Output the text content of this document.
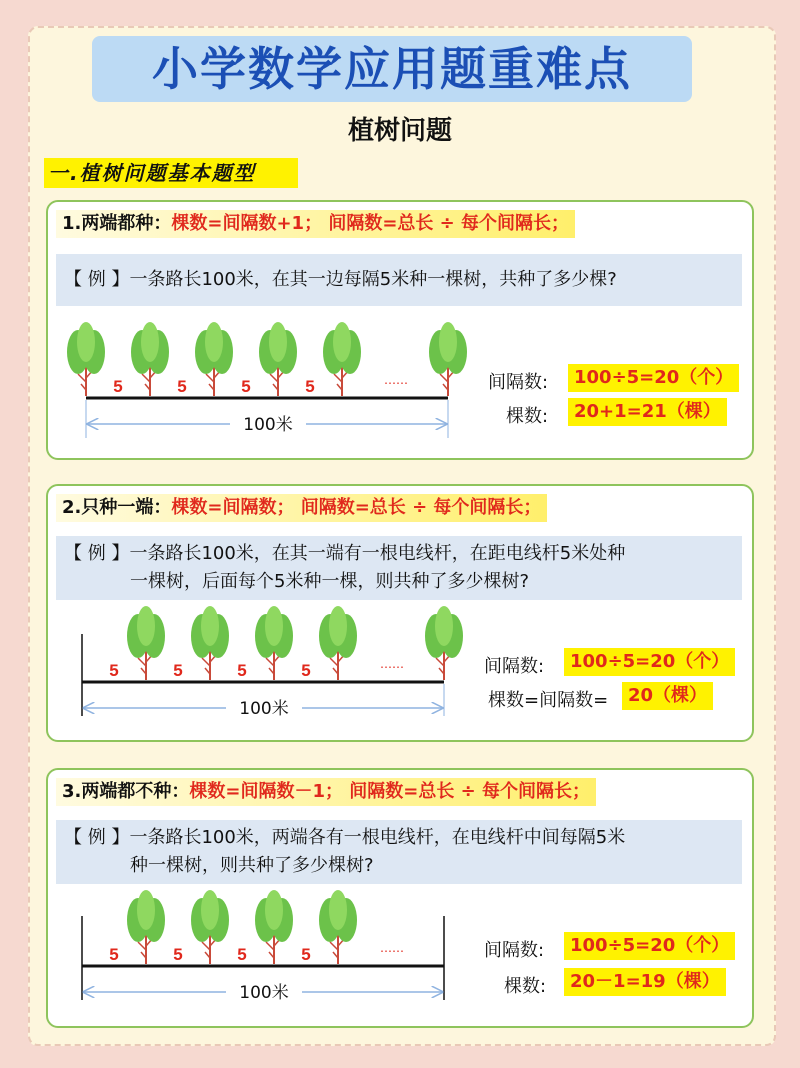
小学数学应用题重难点
植树问题
一.植树问题基本题型
1.两端都种：棵数=间隔数+1； 间隔数=总长 ÷ 每个间隔长；
【 例 】一条路长100米，在其一边每隔5米种一棵树，共种了多少棵?
5	5	5	5	……
100米
间隔数:	100÷5=20（个）
棵数:	20+1=21（棵）
2.只种一端：棵数=间隔数； 间隔数=总长 ÷ 每个间隔长；
【 例 】一条路长100米，在其一端有一根电线杆，在距电线杆5米处种
一棵树，后面每个5米种一棵，则共种了多少棵树?
5	5	5	5	……
100米
间隔数:	100÷5=20（个）
棵数=间隔数=	20（棵）
3.两端都不种：棵数=间隔数－1； 间隔数=总长 ÷ 每个间隔长；
【 例 】一条路长100米，两端各有一根电线杆，在电线杆中间每隔5米
种一棵树，则共种了多少棵树?
5	5	5	5	……
100米
间隔数:	100÷5=20（个）
棵数:	20－1=19（棵）
